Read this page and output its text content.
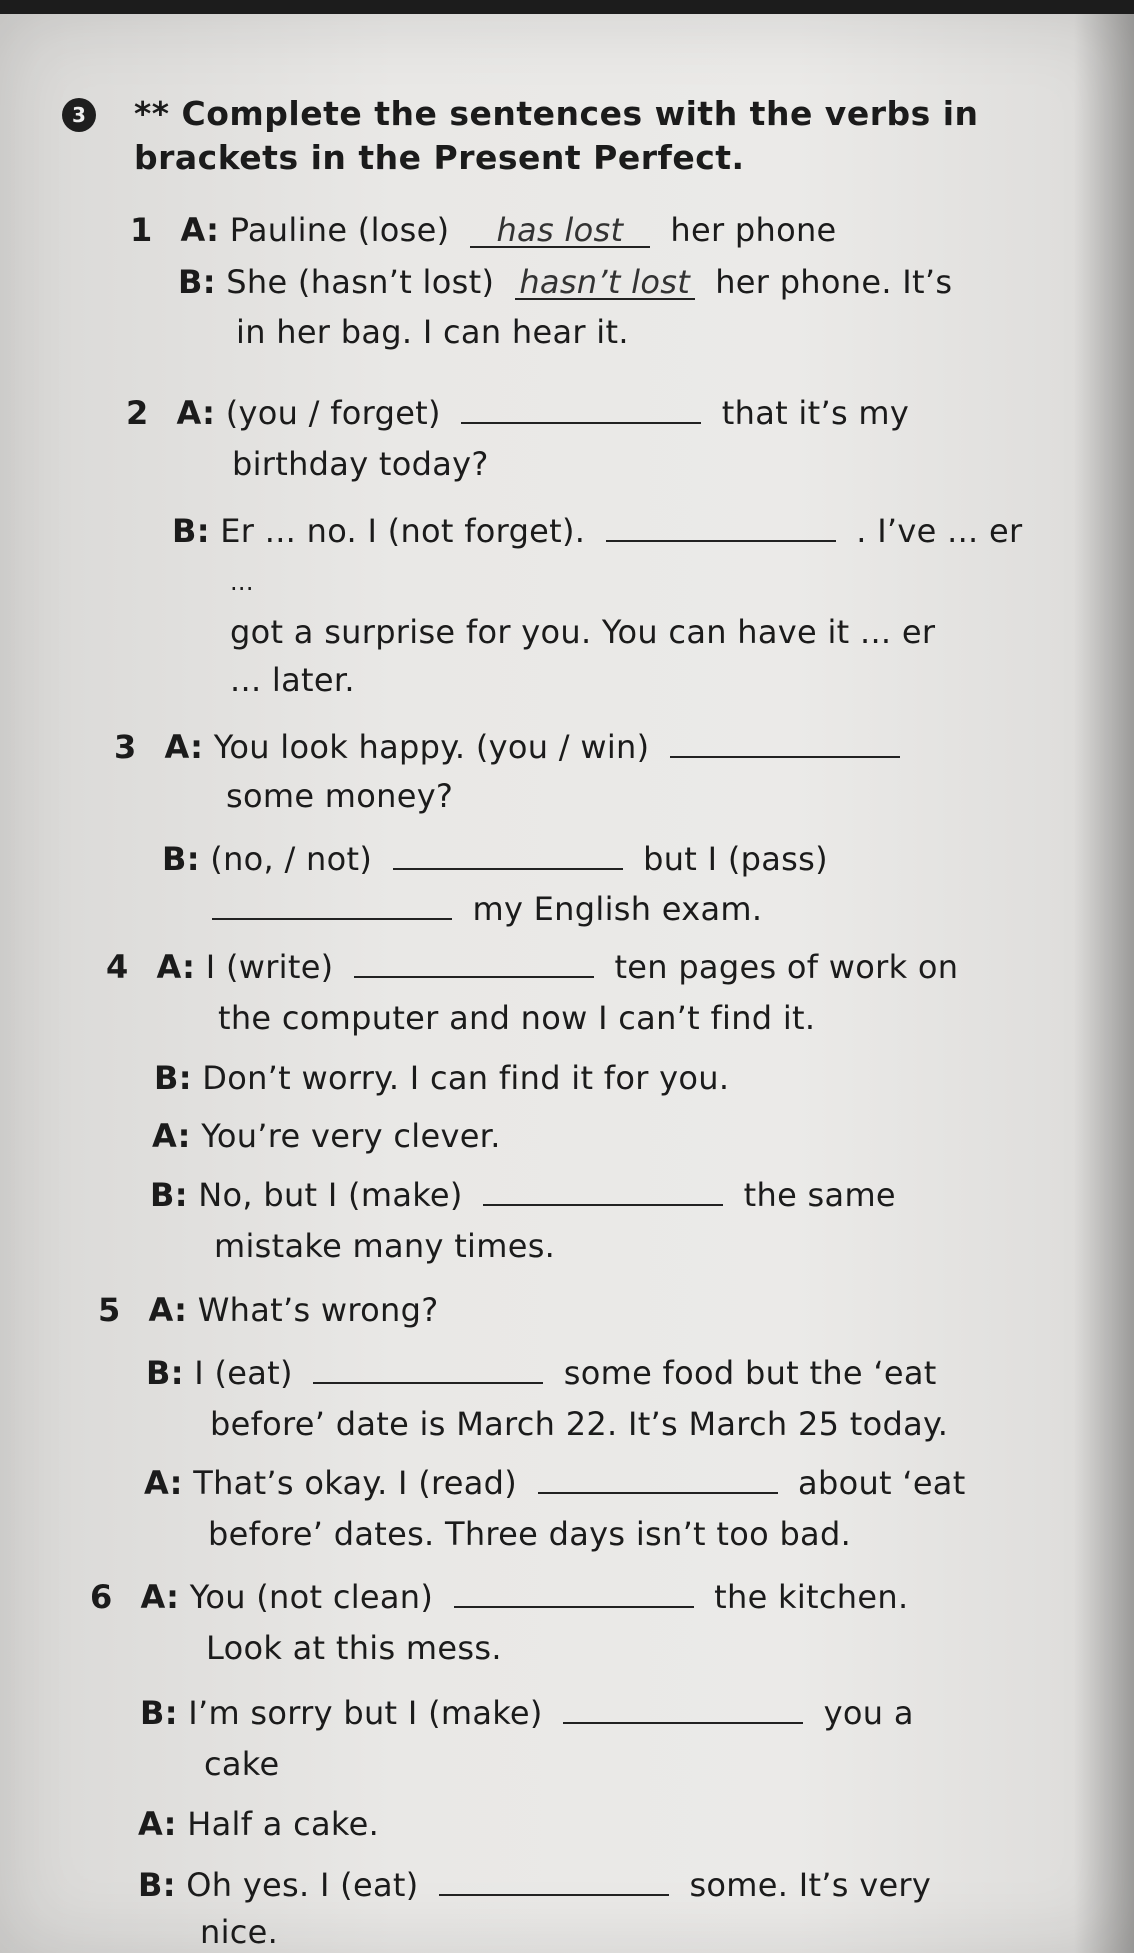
3	** Complete the sentences with the verbs in brackets in the Present Perfect.
1 A: Pauline (lose) has lost her phone
B: She (hasn’t lost) hasn’t lost her phone. It’s
in her bag. I can hear it.
2 A: (you / forget)	that it’s my
birthday today?
B: Er ... no. I (not forget).	. I’ve ... er
...
got a surprise for you. You can have it ... er
... later.
3 A: You look happy. (you / win)
some money?
B: (no, / not)	but I (pass)
my English exam.
4 A: I (write)	ten pages of work on
the computer and now I can’t find it.
B: Don’t worry. I can find it for you.
A: You’re very clever.
B: No, but I (make)	the same
mistake many times.
5 A: What’s wrong?
B: I (eat)	some food but the ‘eat
before’ date is March 22. It’s March 25 today.
A: That’s okay. I (read)	about ‘eat
before’ dates. Three days isn’t too bad.
6 A: You (not clean)	the kitchen.
Look at this mess.
B: I’m sorry but I (make)	you a
cake
A: Half a cake.
B: Oh yes. I (eat)	some. It’s very
nice.
